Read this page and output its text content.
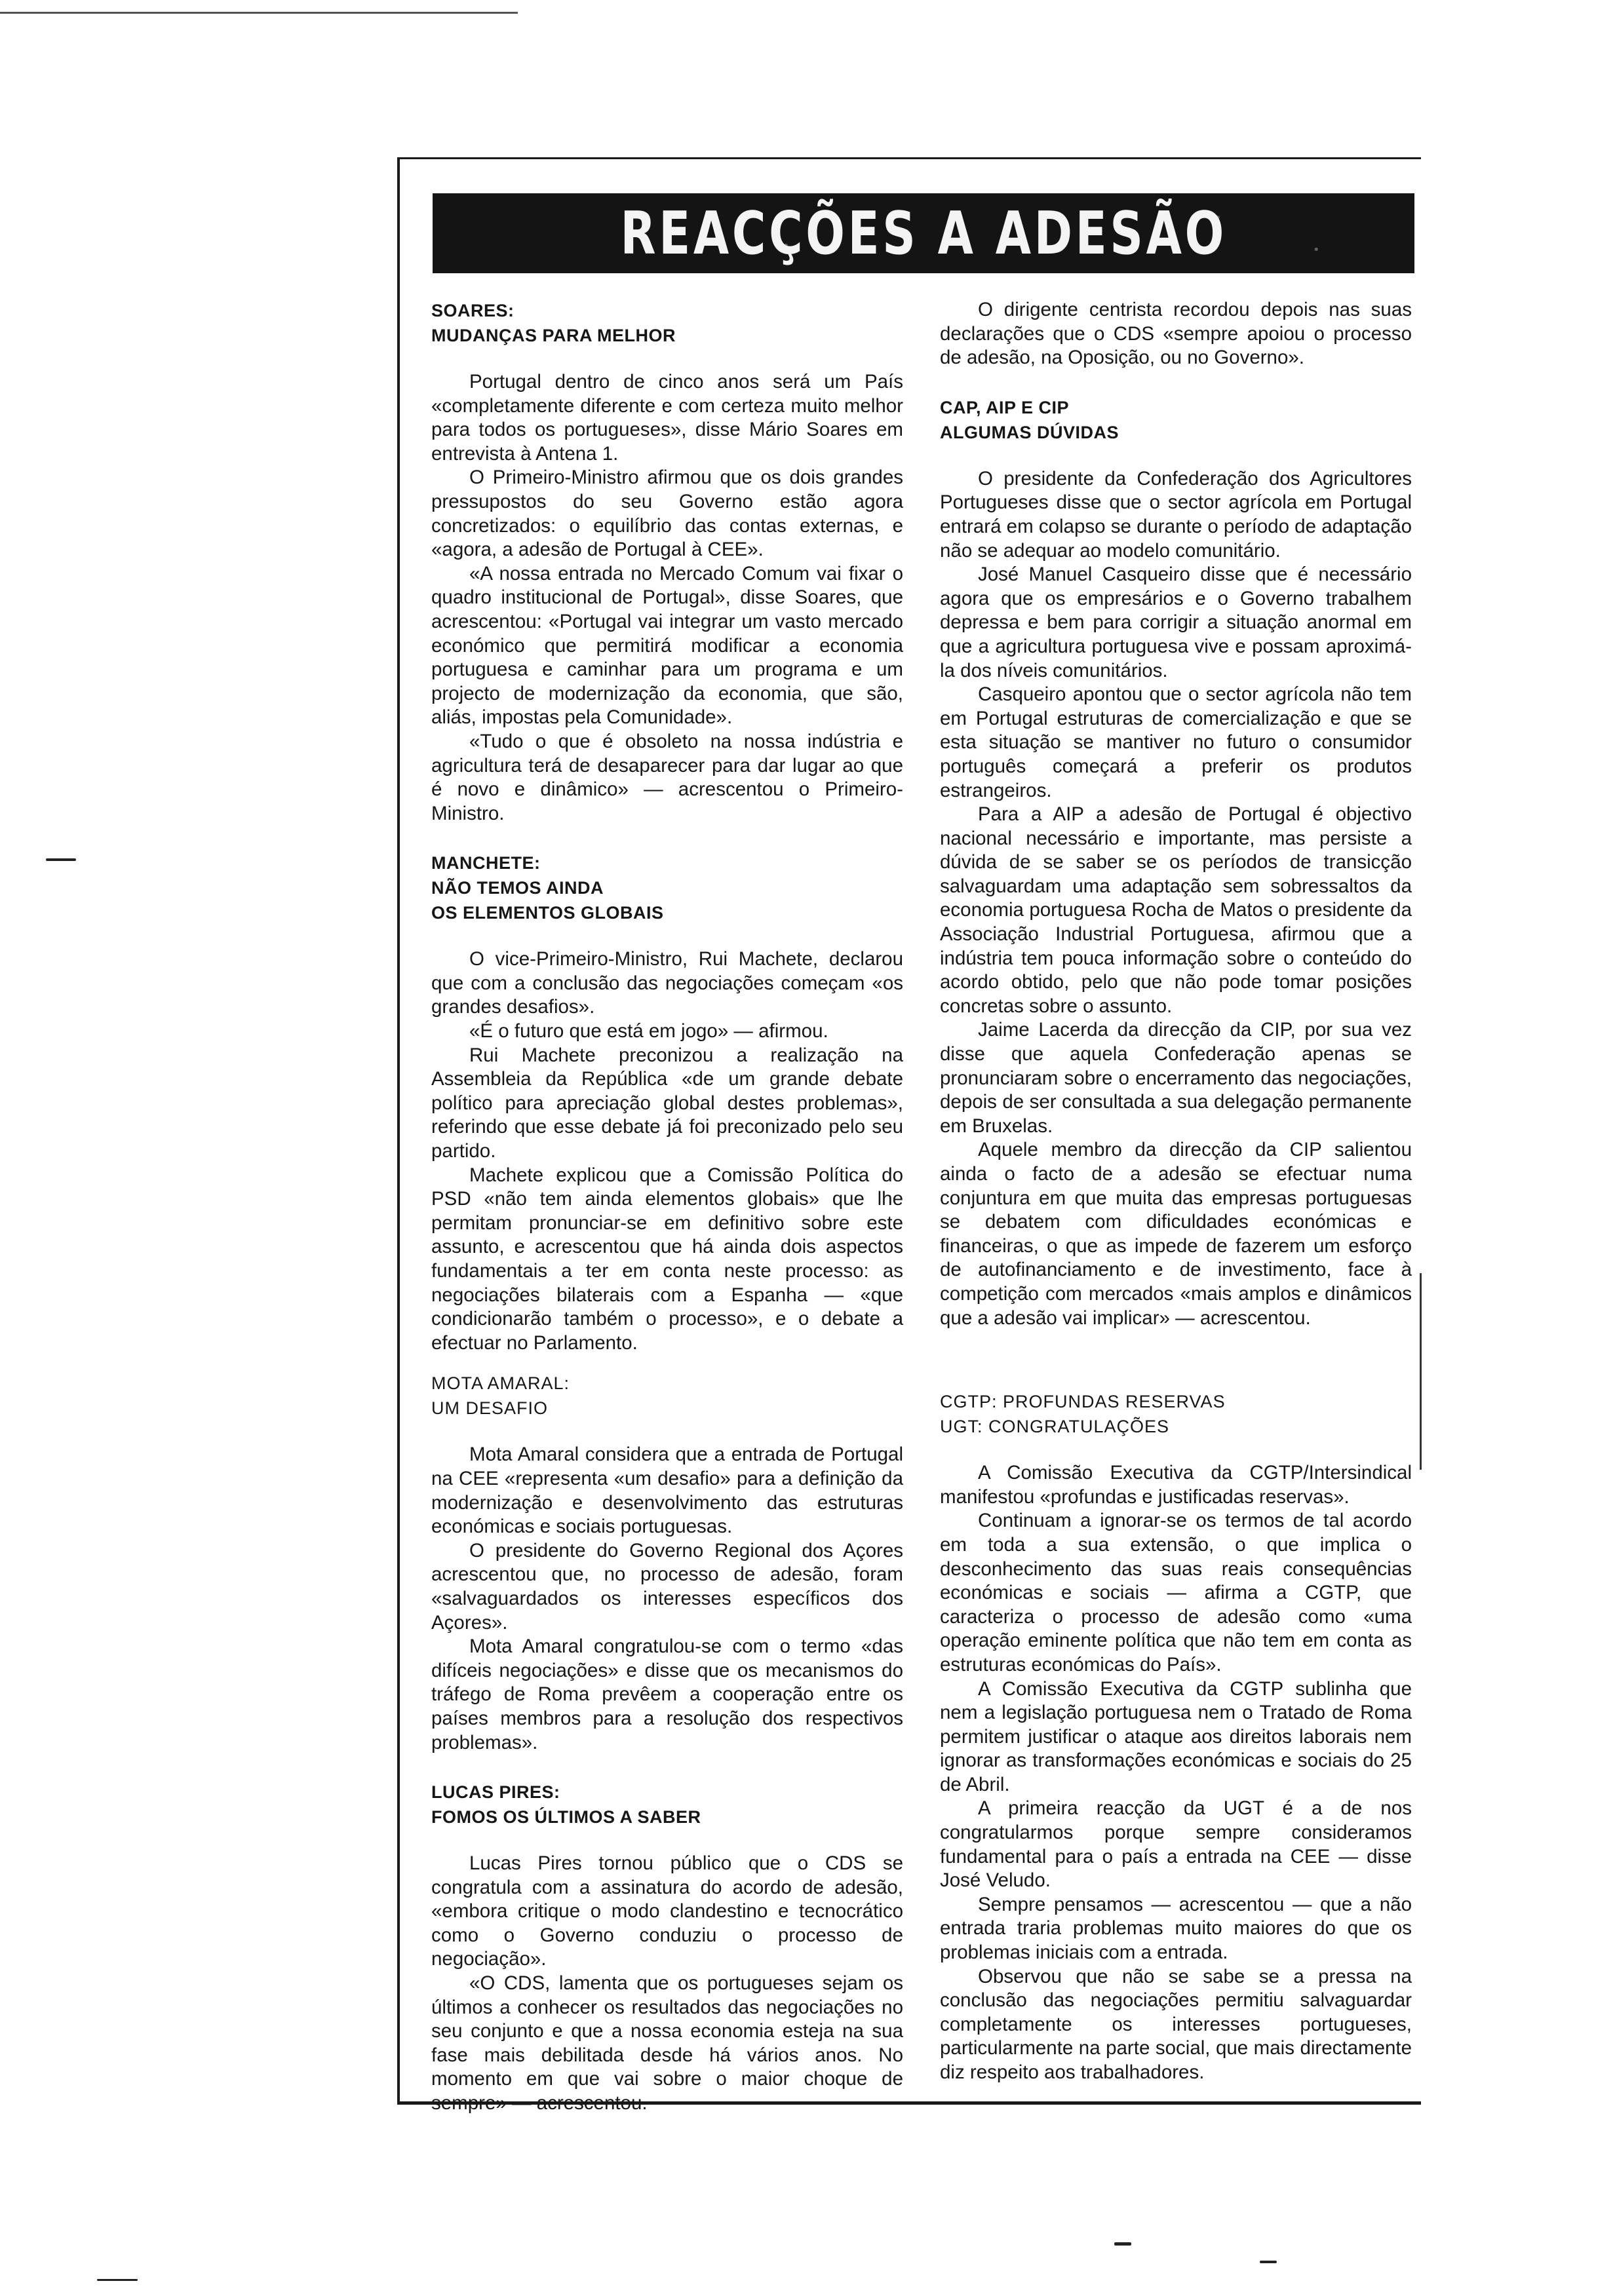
REACÇÕES A ADESÃO

SOARES:

MUDANÇAS PARA MELHOR

Portugal dentro de cinco anos será um País «completamente diferente e com certeza muito melhor para todos os portugueses», disse Mário Soares em entrevista à Antena 1.

O Primeiro-Ministro afirmou que os dois grandes pressupostos do seu Governo estão agora concretizados: o equilíbrio das contas externas, e «agora, a adesão de Portugal à CEE».

«A nossa entrada no Mercado Comum vai fixar o quadro institucional de Portugal», disse Soares, que acrescentou: «Portugal vai integrar um vasto mercado económico que permitirá modificar a economia portuguesa e caminhar para um programa e um projecto de modernização da economia, que são, aliás, impostas pela Comunidade».

«Tudo o que é obsoleto na nossa indústria e agricultura terá de desaparecer para dar lugar ao que é novo e dinâmico» — acrescentou o Primeiro-Ministro.

MANCHETE:

NÃO TEMOS AINDA

OS ELEMENTOS GLOBAIS

O vice-Primeiro-Ministro, Rui Machete, declarou que com a conclusão das negociações começam «os grandes desafios».

«É o futuro que está em jogo» — afirmou.

Rui Machete preconizou a realização na Assembleia da República «de um grande debate político para apreciação global destes problemas», referindo que esse debate já foi preconizado pelo seu partido.

Machete explicou que a Comissão Política do PSD «não tem ainda elementos globais» que lhe permitam pronunciar-se em definitivo sobre este assunto, e acrescentou que há ainda dois aspectos fundamentais a ter em conta neste processo: as negociações bilaterais com a Espanha — «que condicionarão também o processo», e o debate a efectuar no Parlamento.

MOTA AMARAL:

UM DESAFIO

Mota Amaral considera que a entrada de Portugal na CEE «representa «um desafio» para a definição da modernização e desenvolvimento das estruturas económicas e sociais portuguesas.

O presidente do Governo Regional dos Açores acrescentou que, no processo de adesão, foram «salvaguardados os interesses específicos dos Açores».

Mota Amaral congratulou-se com o termo «das difíceis negociações» e disse que os mecanismos do tráfego de Roma prevêem a cooperação entre os países membros para a resolução dos respectivos problemas».

LUCAS PIRES:

FOMOS OS ÚLTIMOS A SABER

Lucas Pires tornou público que o CDS se congratula com a assinatura do acordo de adesão, «embora critique o modo clandestino e tecnocrático como o Governo conduziu o processo de negociação».

«O CDS, lamenta que os portugueses sejam os últimos a conhecer os resultados das negociações no seu conjunto e que a nossa economia esteja na sua fase mais debilitada desde há vários anos. No momento em que vai sobre o maior choque de sempre» — acrescentou.

O dirigente centrista recordou depois nas suas declarações que o CDS «sempre apoiou o processo de adesão, na Oposição, ou no Governo».

CAP, AIP E CIP

ALGUMAS DÚVIDAS

O presidente da Confederação dos Agricultores Portugueses disse que o sector agrícola em Portugal entrará em colapso se durante o período de adaptação não se adequar ao modelo comunitário.

José Manuel Casqueiro disse que é necessário agora que os empresários e o Governo trabalhem depressa e bem para corrigir a situação anormal em que a agricultura portuguesa vive e possam aproximá-la dos níveis comunitários.

Casqueiro apontou que o sector agrícola não tem em Portugal estruturas de comercialização e que se esta situação se mantiver no futuro o consumidor português começará a preferir os produtos estrangeiros.

Para a AIP a adesão de Portugal é objectivo nacional necessário e importante, mas persiste a dúvida de se saber se os períodos de transicção salvaguardam uma adaptação sem sobressaltos da economia portuguesa Rocha de Matos o presidente da Associação Industrial Portuguesa, afirmou que a indústria tem pouca informação sobre o conteúdo do acordo obtido, pelo que não pode tomar posições concretas sobre o assunto.

Jaime Lacerda da direcção da CIP, por sua vez disse que aquela Confederação apenas se pronunciaram sobre o encerramento das negociações, depois de ser consultada a sua delegação permanente em Bruxelas.

Aquele membro da direcção da CIP salientou ainda o facto de a adesão se efectuar numa conjuntura em que muita das empresas portuguesas se debatem com dificuldades económicas e financeiras, o que as impede de fazerem um esforço de autofinanciamento e de investimento, face à competição com mercados «mais amplos e dinâmicos que a adesão vai implicar» — acrescentou.

CGTP: PROFUNDAS RESERVAS

UGT: CONGRATULAÇÕES

A Comissão Executiva da CGTP/Intersindical manifestou «profundas e justificadas reservas».

Continuam a ignorar-se os termos de tal acordo em toda a sua extensão, o que implica o desconhecimento das suas reais consequências económicas e sociais — afirma a CGTP, que caracteriza o processo de adesão como «uma operação eminente política que não tem em conta as estruturas económicas do País».

A Comissão Executiva da CGTP sublinha que nem a legislação portuguesa nem o Tratado de Roma permitem justificar o ataque aos direitos laborais nem ignorar as transformações económicas e sociais do 25 de Abril.

A primeira reacção da UGT é a de nos congratularmos porque sempre consideramos fundamental para o país a entrada na CEE — disse José Veludo.

Sempre pensamos — acrescentou — que a não entrada traria problemas muito maiores do que os problemas iniciais com a entrada.

Observou que não se sabe se a pressa na conclusão das negociações permitiu salvaguardar completamente os interesses portugueses, particularmente na parte social, que mais directamente diz respeito aos trabalhadores.
